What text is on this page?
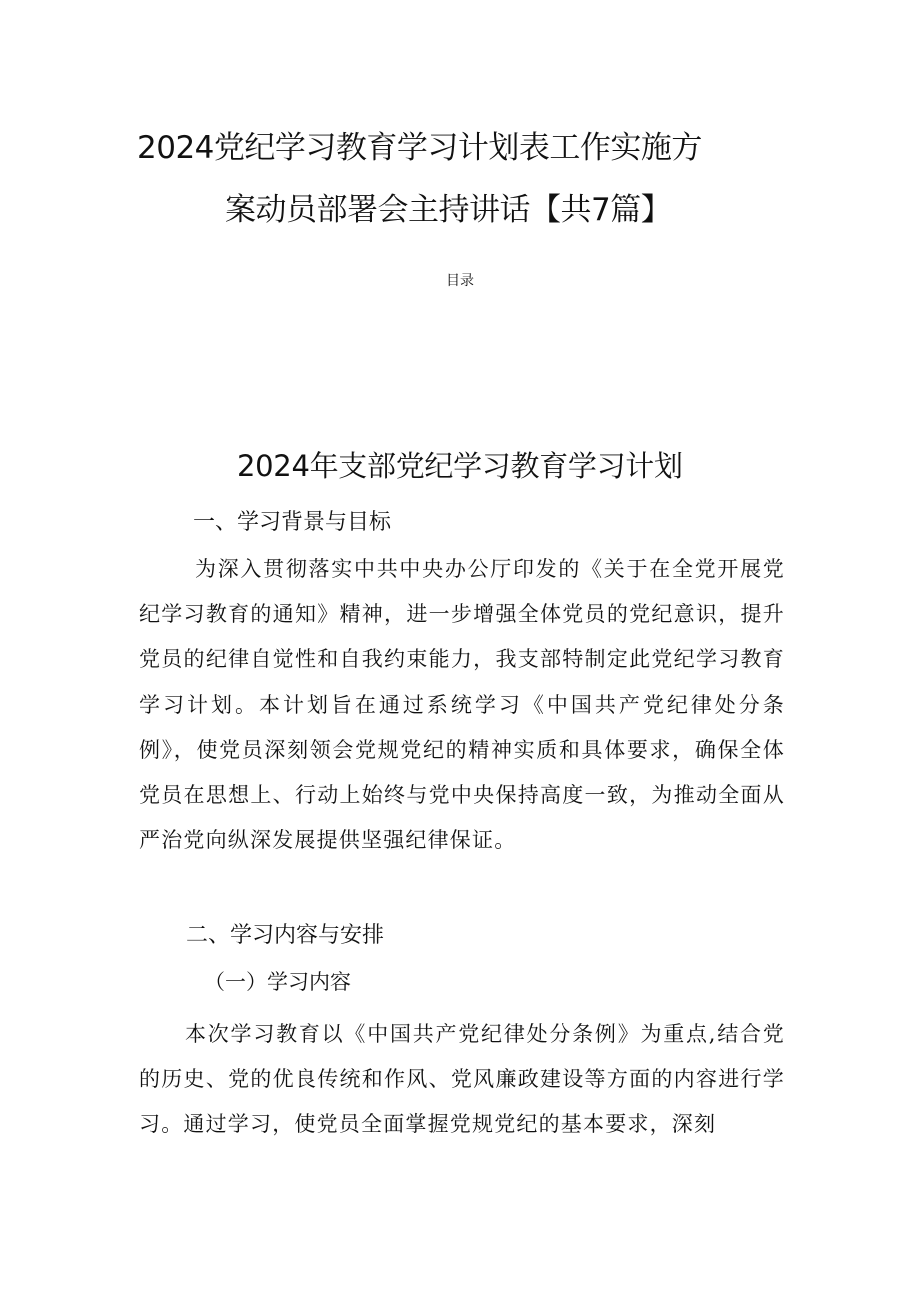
2024党纪学习教育学习计划表工作实施方
案动员部署会主持讲话【共7篇】
目录
2024年支部党纪学习教育学习计划
一、学习背景与目标
为深入贯彻落实中共中央办公厅印发的《关于在全党开展党纪学习教育的通知》精神，进一步增强全体党员的党纪意识，提升党员的纪律自觉性和自我约束能力，我支部特制定此党纪学习教育学习计划。本计划旨在通过系统学习《中国共产党纪律处分条例》，使党员深刻领会党规党纪的精神实质和具体要求，确保全体党员在思想上、行动上始终与党中央保持高度一致，为推动全面从严治党向纵深发展提供坚强纪律保证。
二、学习内容与安排
（一）学习内容
本次学习教育以《中国共产党纪律处分条例》为重点,结合党的历史、党的优良传统和作风、党风廉政建设等方面的内容进行学习。通过学习，使党员全面掌握党规党纪的基本要求，深刻
